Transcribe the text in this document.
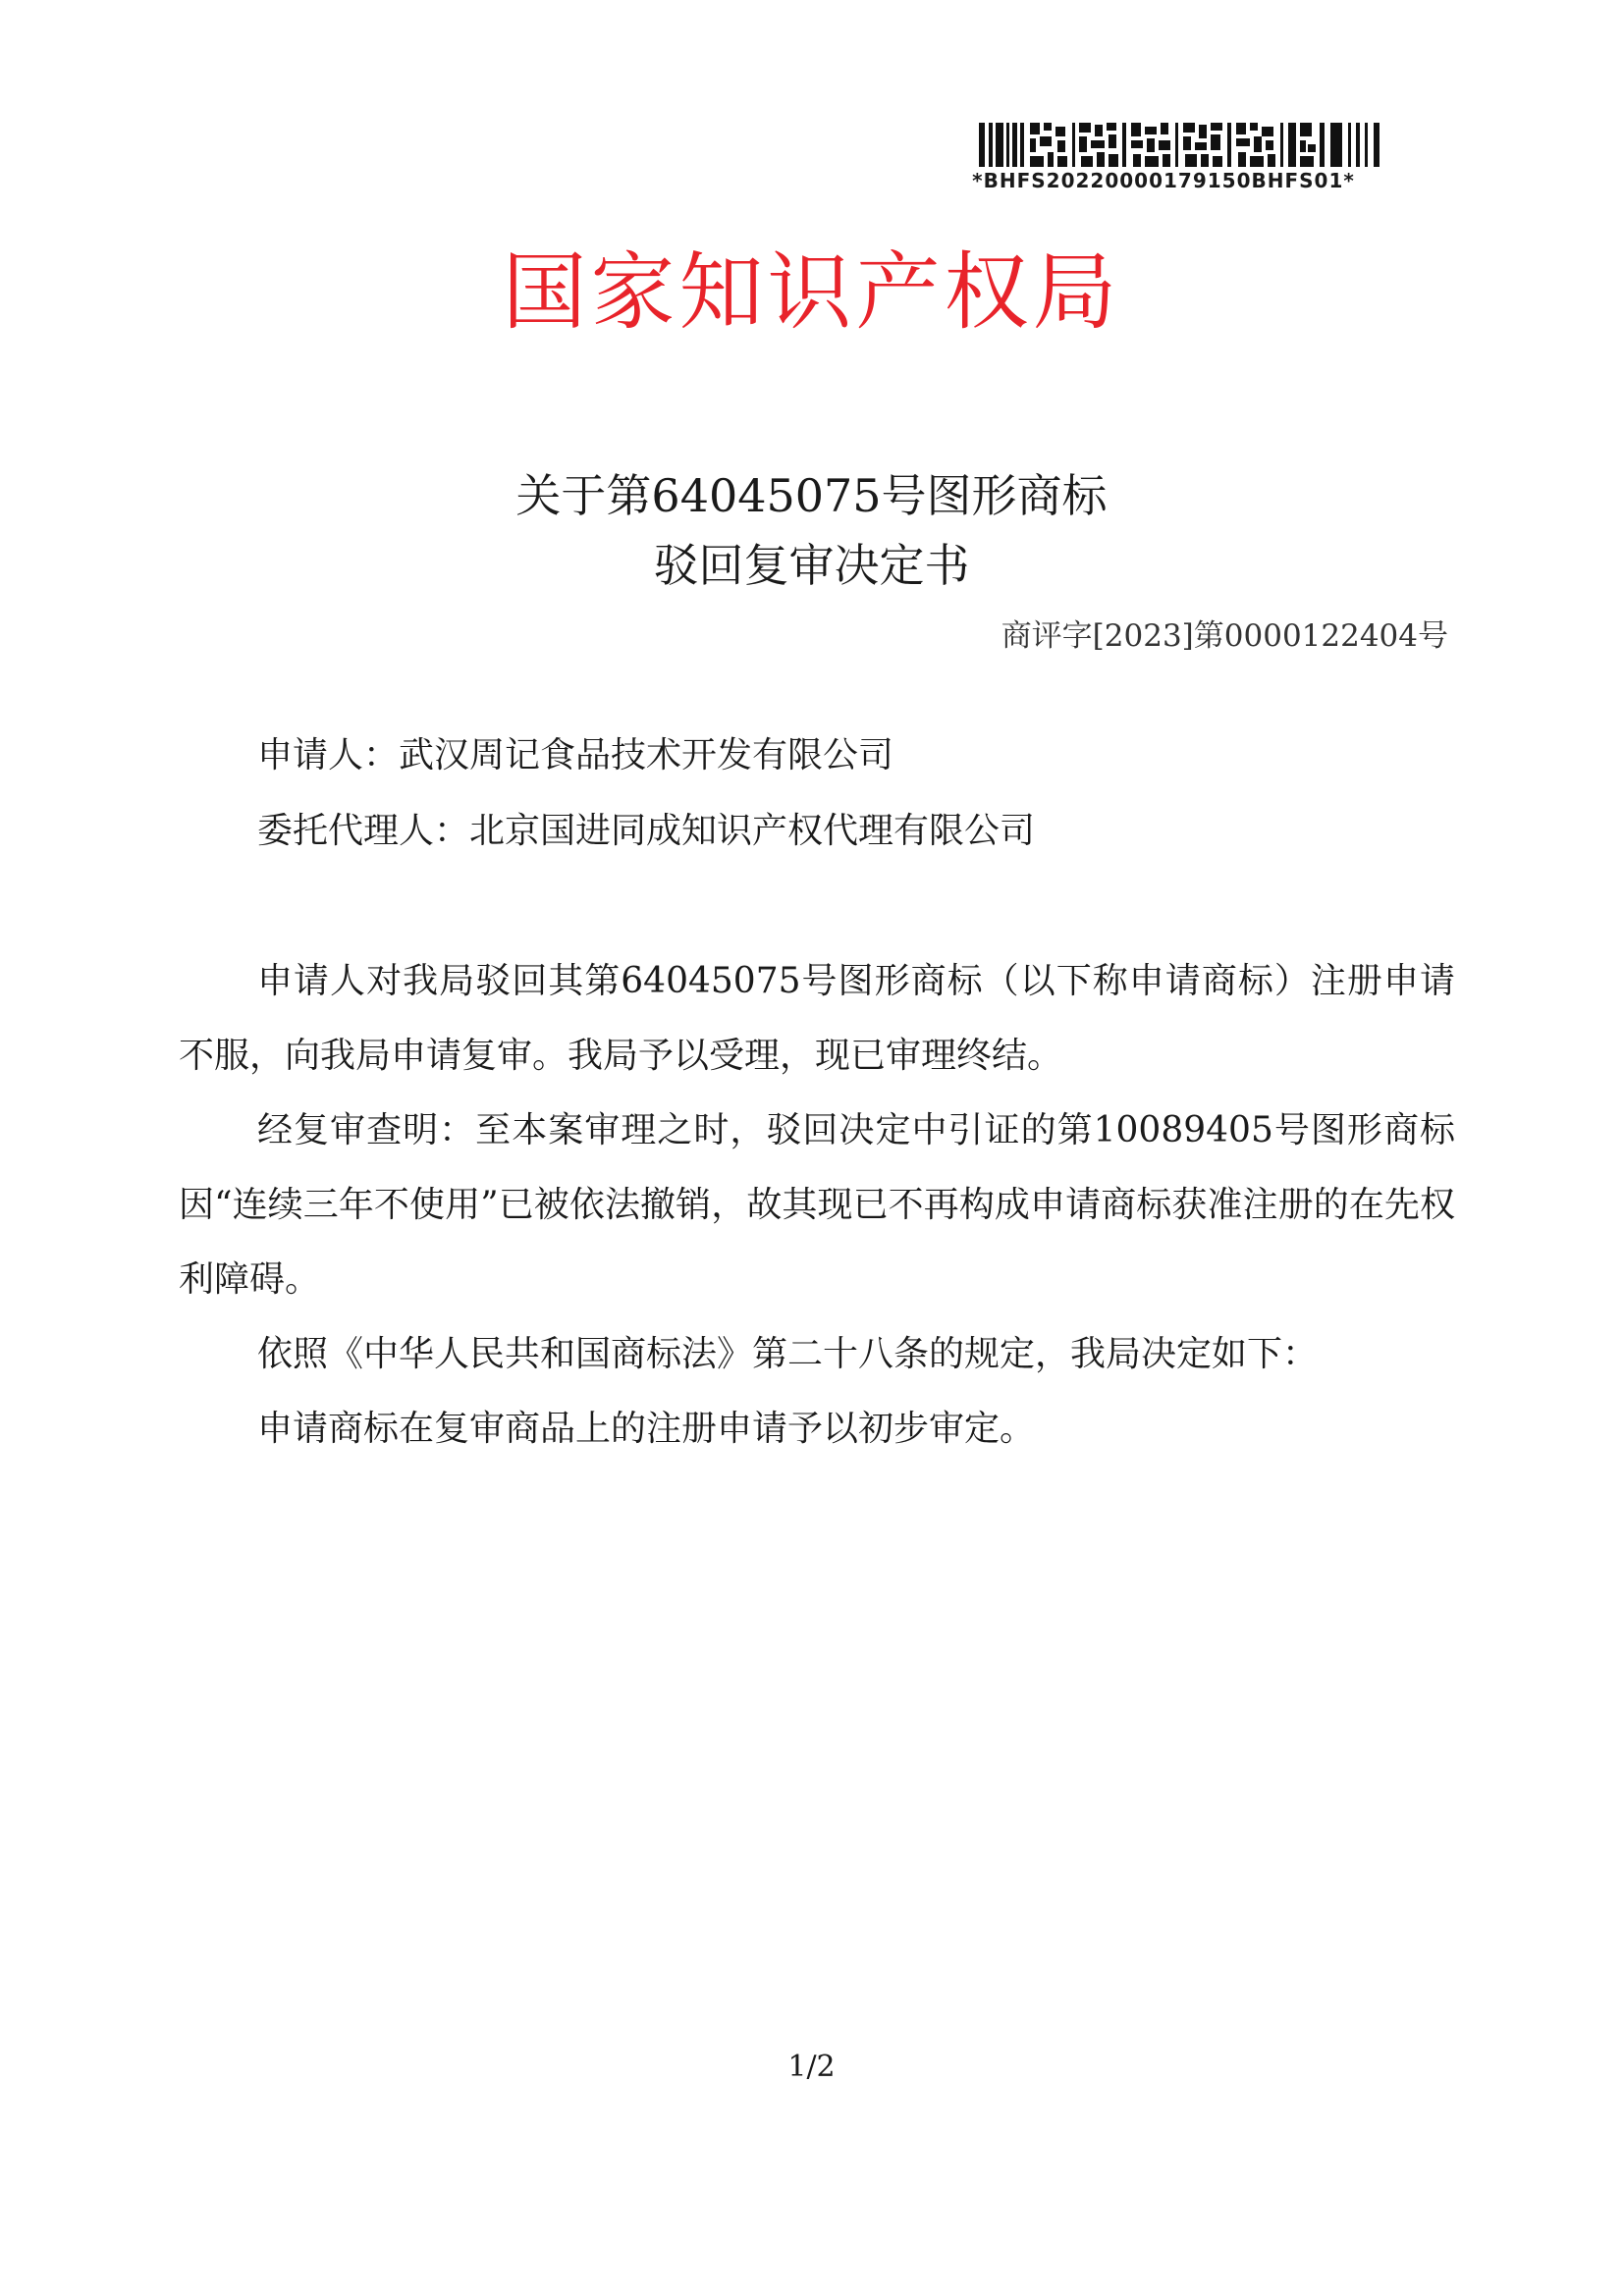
*BHFS20220000179150BHFS01*
国家知识产权局
关于第64045075号图形商标
驳回复审决定书
商评字[2023]第0000122404号
申请人：武汉周记食品技术开发有限公司
委托代理人：北京国进同成知识产权代理有限公司

申请人对我局驳回其第64045075号图形商标（以下称申请商标）注册申请不服，向我局申请复审。我局予以受理，现已审理终结。

经复审查明：至本案审理之时，驳回决定中引证的第10089405号图形商标因“连续三年不使用”已被依法撤销，故其现已不再构成申请商标获准注册的在先权利障碍。

依照《中华人民共和国商标法》第二十八条的规定，我局决定如下：

申请商标在复审商品上的注册申请予以初步审定。

1/2
